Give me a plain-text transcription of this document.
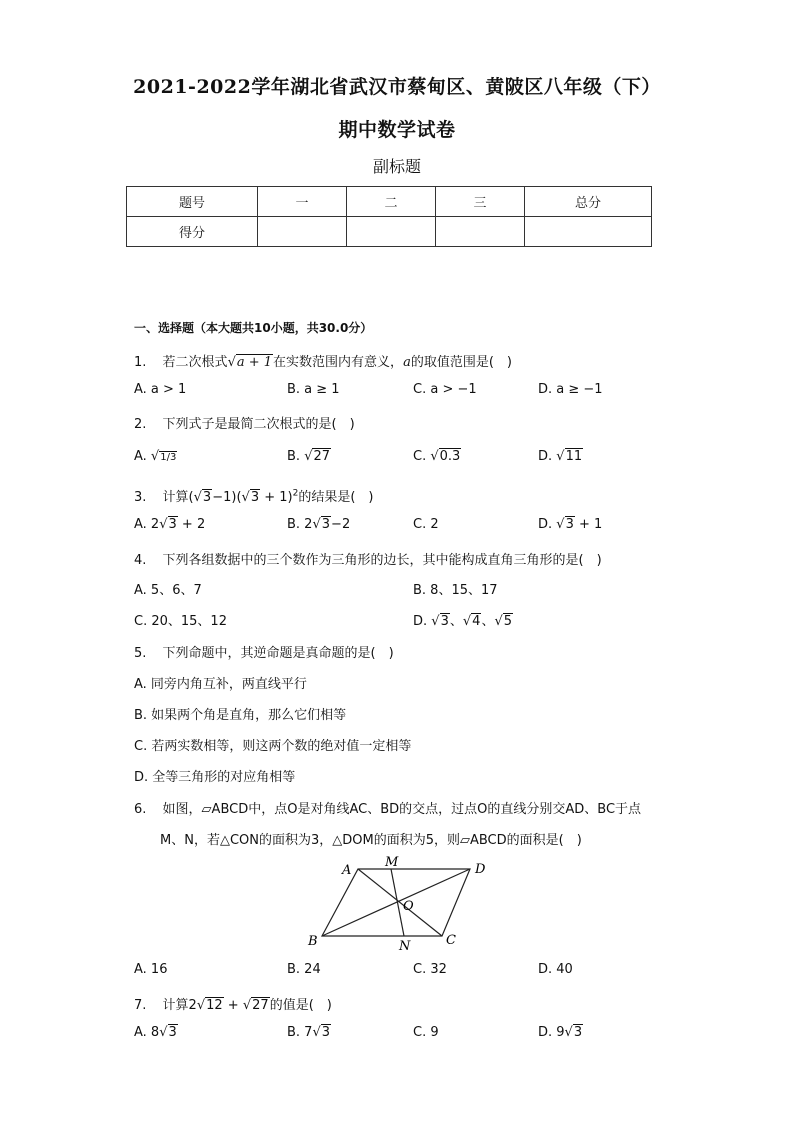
2021-2022学年湖北省武汉市蔡甸区、黄陂区八年级（下）
期中数学试卷
副标题
题号	一	二	三	总分
得分				
一、选择题（本大题共10小题，共30.0分）
1. 若二次根式√a + 1在实数范围内有意义，a的取值范围是(　)
A. a > 1	B. a ≥ 1	C. a > −1	D. a ≥ −1
2. 下列式子是最简二次根式的是(　)
A. √1/3	B. √27	C. √0.3	D. √11
3. 计算$(√3-1)(√3 + 1)^2$的结果是(　)
A. 2√3 + 2	B. 2√3−2	C. 2	D. √3 + 1
4. 下列各组数据中的三个数作为三角形的边长，其中能构成直角三角形的是(　)
A. 5、6、7	B. 8、15、17
C. 20、15、12	D. √3、√4、√5
5. 下列命题中，其逆命题是真命题的是(　)
A. 同旁内角互补，两直线平行
B. 如果两个角是直角，那么它们相等
C. 若两实数相等，则这两个数的绝对值一定相等
D. 全等三角形的对应角相等
6. 如图，▱ABCD中，点O是对角线AC、BD的交点，过点O的直线分别交AD、BC于点
M、N，若△CON的面积为3，△DOM的面积为5，则▱ABCD的面积是(　)
A
M	D
O
B	N	C
A. 16	B. 24	C. 32	D. 40
7. 计算2√12 + √27的值是(　)
A. 8√3	B. 7√3	C. 9	D. 9√3
